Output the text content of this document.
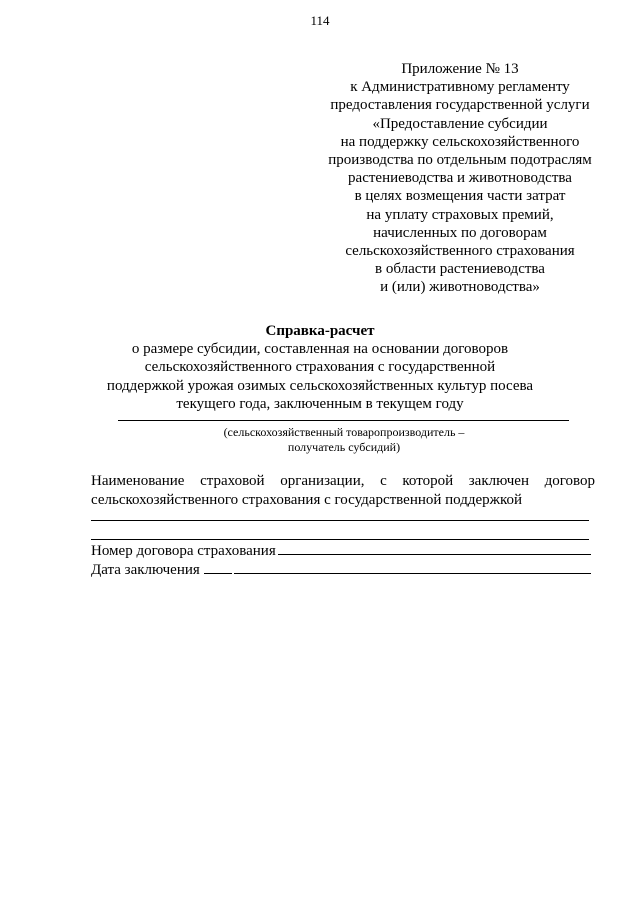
114
Приложение № 13
к Административному регламенту
предоставления государственной услуги
«Предоставление субсидии
на поддержку сельскохозяйственного
производства по отдельным подотраслям
растениеводства и животноводства
в целях возмещения части затрат
на уплату страховых премий,
начисленных по договорам
сельскохозяйственного страхования
в области растениеводства
и (или) животноводства»
Справка-расчет
о размере субсидии, составленная на основании договоров
сельскохозяйственного страхования с государственной
поддержкой урожая озимых сельскохозяйственных культур посева
текущего года, заключенным в текущем году
(сельскохозяйственный товаропроизводитель –
получатель субсидий)
Наименование страховой организации, с которой заключен договор
сельскохозяйственного страхования с государственной поддержкой
Номер договора страхования
Дата заключения
